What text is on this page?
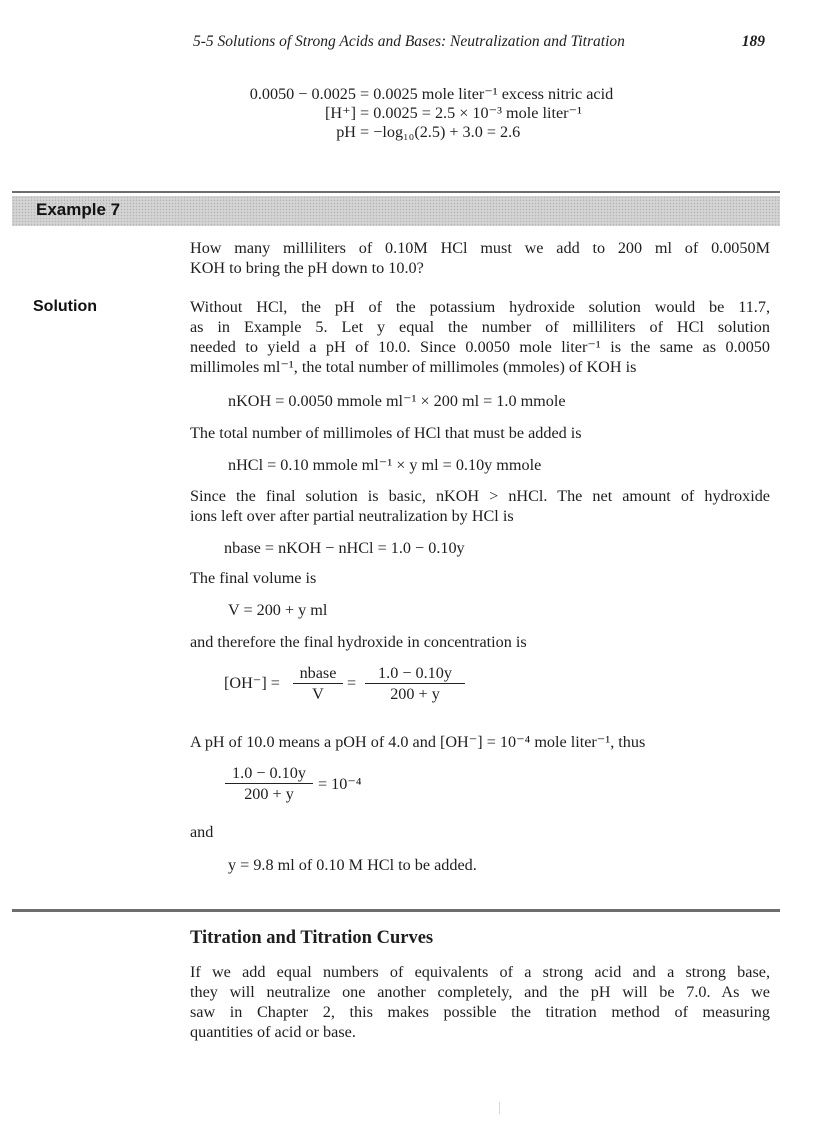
5-5 Solutions of Strong Acids and Bases: Neutralization and Titration	189
0.0050 − 0.0025 = 0.0025 mole liter⁻¹ excess nitric acid
[H⁺] = 0.0025 = 2.5 × 10⁻³ mole liter⁻¹
pH = −log₁₀(2.5) + 3.0 = 2.6
Example 7
How many milliliters of 0.10M HCl must we add to 200 ml of 0.0050M
KOH to bring the pH down to 10.0?
Solution	Without HCl, the pH of the potassium hydroxide solution would be 11.7,
as in Example 5. Let y equal the number of milliliters of HCl solution
needed to yield a pH of 10.0. Since 0.0050 mole liter⁻¹ is the same as 0.0050
millimoles ml⁻¹, the total number of millimoles (mmoles) of KOH is
nKOH = 0.0050 mmole ml⁻¹ × 200 ml = 1.0 mmole
The total number of millimoles of HCl that must be added is
nHCl = 0.10 mmole ml⁻¹ × y ml = 0.10y mmole
Since the final solution is basic, nKOH > nHCl. The net amount of hydroxide
ions left over after partial neutralization by HCl is
nbase = nKOH − nHCl = 1.0 − 0.10y
The final volume is
V = 200 + y ml
and therefore the final hydroxide in concentration is
[OH⁻] =
nbase
V
=
1.0 − 0.10y
200 + y
A pH of 10.0 means a pOH of 4.0 and [OH⁻] = 10⁻⁴ mole liter⁻¹, thus
1.0 − 0.10y
200 + y
= 10⁻⁴
and
y = 9.8 ml of 0.10 M HCl to be added.
Titration and Titration Curves
If we add equal numbers of equivalents of a strong acid and a strong base,
they will neutralize one another completely, and the pH will be 7.0. As we
saw in Chapter 2, this makes possible the titration method of measuring
quantities of acid or base.
